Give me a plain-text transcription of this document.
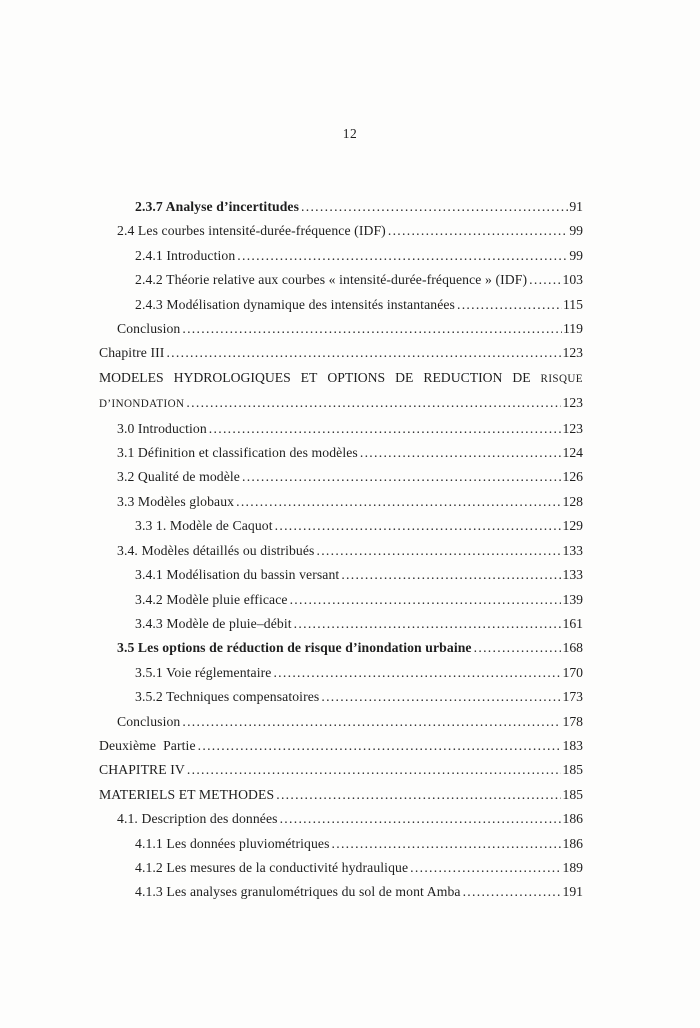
12
2.3.7 Analyse d’incertitudes .....	91
2.4 Les courbes intensité-durée-fréquence (IDF) .....	99
2.4.1 Introduction .....	99
2.4.2 Théorie relative aux courbes « intensité-durée-fréquence » (IDF) .....	103
2.4.3 Modélisation dynamique des intensités instantanées .....	115
Conclusion .....	119
Chapitre III .....	123
MODELES HYDROLOGIQUES ET OPTIONS DE REDUCTION DE RISQUE
D’INONDATION .....	123
3.0 Introduction .....	123
3.1 Définition et classification des modèles .....	124
3.2 Qualité de modèle .....	126
3.3 Modèles globaux .....	128
3.3 1. Modèle de Caquot .....	129
3.4. Modèles détaillés ou distribués .....	133
3.4.1 Modélisation du bassin versant .....	133
3.4.2 Modèle pluie efficace .....	139
3.4.3 Modèle de pluie–débit .....	161
3.5 Les options de réduction de risque d’inondation urbaine .....	168
3.5.1 Voie réglementaire .....	170
3.5.2 Techniques compensatoires .....	173
Conclusion .....	178
Deuxième  Partie .....	183
CHAPITRE IV .....	185
MATERIELS ET METHODES .....	185
4.1. Description des données .....	186
4.1.1 Les données pluviométriques .....	186
4.1.2 Les mesures de la conductivité hydraulique .....	189
4.1.3 Les analyses granulométriques du sol de mont Amba .....	191
